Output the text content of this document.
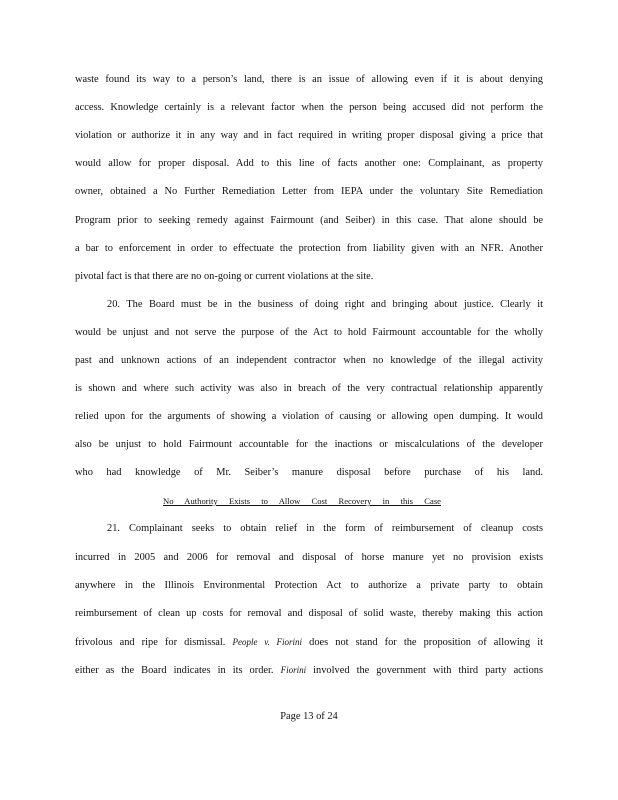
waste found its way to a person’s land, there is an issue of allowing even if it is about denying
access. Knowledge certainly is a relevant factor when the person being accused did not perform the
violation or authorize it in any way and in fact required in writing proper disposal giving a price that
would allow for proper disposal. Add to this line of facts another one: Complainant, as property
owner, obtained a No Further Remediation Letter from IEPA under the voluntary Site Remediation
Program prior to seeking remedy against Fairmount (and Seiber) in this case. That alone should be
a bar to enforcement in order to effectuate the protection from liability given with an NFR. Another
pivotal fact is that there are no on-going or current violations at the site.
20. The Board must be in the business of doing right and bringing about justice. Clearly it
would be unjust and not serve the purpose of the Act to hold Fairmount accountable for the wholly
past and unknown actions of an independent contractor when no knowledge of the illegal activity
is shown and where such activity was also in breach of the very contractual relationship apparently
relied upon for the arguments of showing a violation of causing or allowing open dumping. It would
also be unjust to hold Fairmount accountable for the inactions or miscalculations of the developer
who had knowledge of Mr. Seiber’s manure disposal before purchase of his land.
No Authority Exists to Allow Cost Recovery in this Case
21. Complainant seeks to obtain relief in the form of reimbursement of cleanup costs
incurred in 2005 and 2006 for removal and disposal of horse manure yet no provision exists
anywhere in the Illinois Environmental Protection Act to authorize a private party to obtain
reimbursement of clean up costs for removal and disposal of solid waste, thereby making this action
frivolous and ripe for dismissal. People v. Fiorini does not stand for the proposition of allowing it
either as the Board indicates in its order. Fiorini involved the government with third party actions
Page 13 of 24
